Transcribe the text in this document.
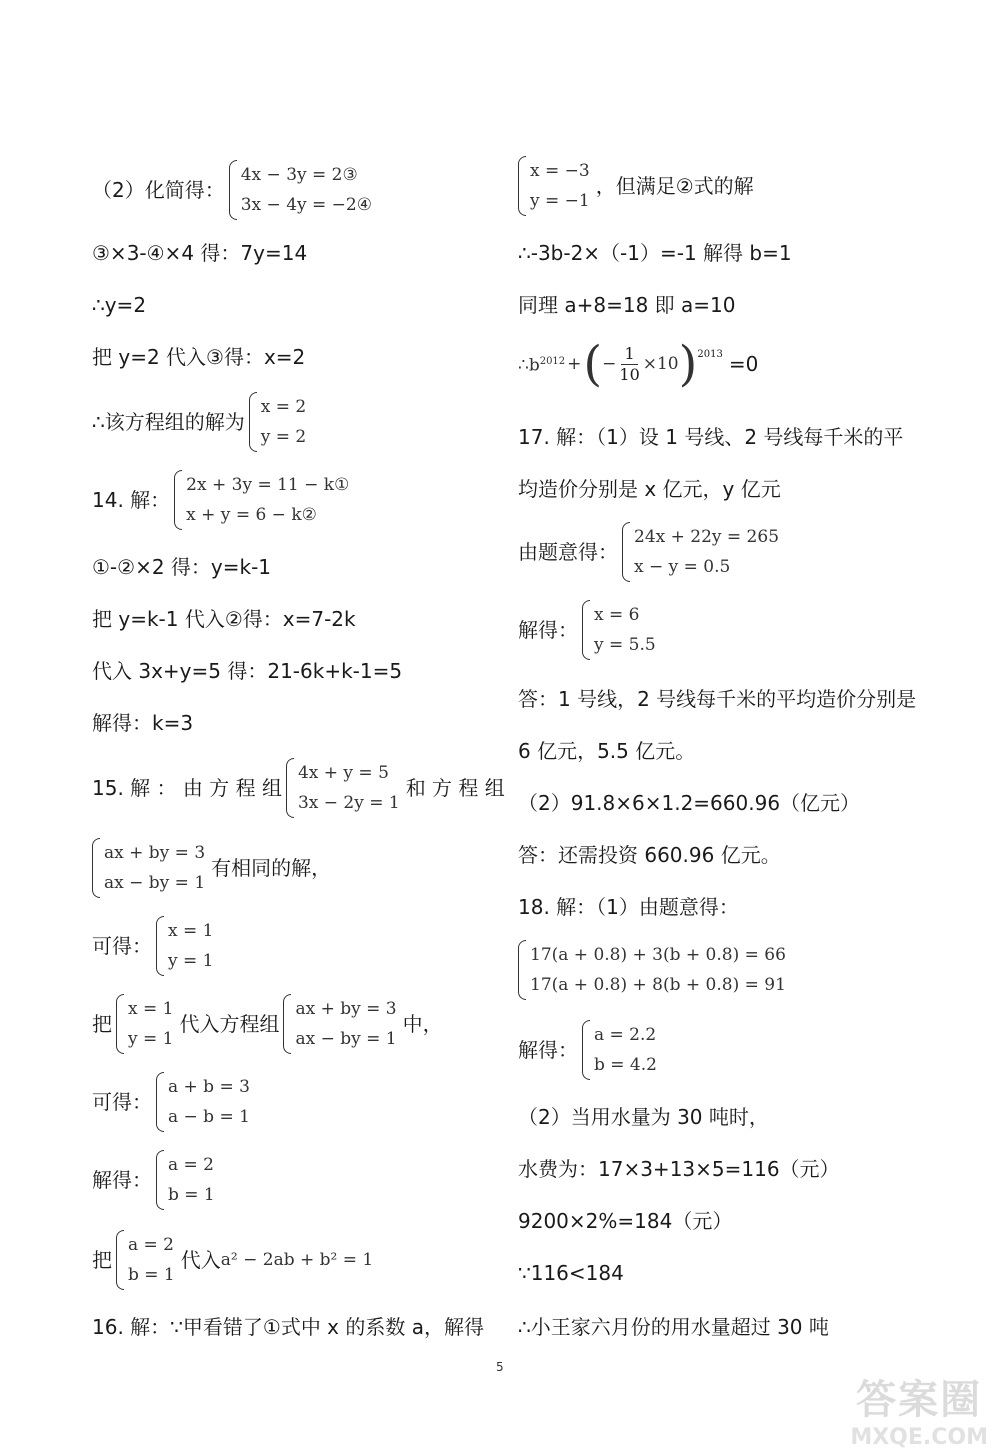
（2）化简得：
4x − 3y = 2③
3x − 4y = −2④
③×3-④×4 得：7y=14
∴y=2
把 y=2 代入③得：x=2
∴该方程组的解为
x = 2
y = 2
14. 解：
2x + 3y = 11 − k①
x + y = 6 − k②
①-②×2 得：y=k-1
把 y=k-1 代入②得：x=7-2k
代入 3x+y=5 得：21-6k+k-1=5
解得：k=3
15. 解 ： 由 方 程 组
4x + y = 5
3x − 2y = 1
和 方 程 组
ax + by = 3
ax − by = 1
有相同的解，
可得：
x = 1
y = 1
把
x = 1
y = 1
代入方程组
ax + by = 3
ax − by = 1
中，
可得：
a + b = 3
a − b = 1
解得：
a = 2
b = 1
把
a = 2
b = 1
代入 a² − 2ab + b² = 1
16. 解：∵甲看错了①式中 x 的系数 a，解得
x = −3
y = −1
，但满足②式的解
∴-3b-2×（-1）=-1 解得 b=1
同理 a+8=18 即 a=10
$\therefore b^{2012}$ + ( − $\frac{1}{10} \times 10$ )$^{2013}$ =0
17. 解：（1）设 1 号线、2 号线每千米的平
均造价分别是 x 亿元，y 亿元
由题意得：
24x + 22y = 265
x − y = 0.5
解得：
x = 6
y = 5.5
答：1 号线，2 号线每千米的平均造价分别是
6 亿元，5.5 亿元。
（2）91.8×6×1.2=660.96（亿元）
答：还需投资 660.96 亿元。
18. 解：（1）由题意得：
17(a + 0.8) + 3(b + 0.8) = 66
17(a + 0.8) + 8(b + 0.8) = 91
解得：
a = 2.2
b = 4.2
（2）当用水量为 30 吨时，
水费为：17×3+13×5=116（元）
9200×2%=184（元）
∵116<184
∴小王家六月份的用水量超过 30 吨
5
答案圈
MXQE.COM
